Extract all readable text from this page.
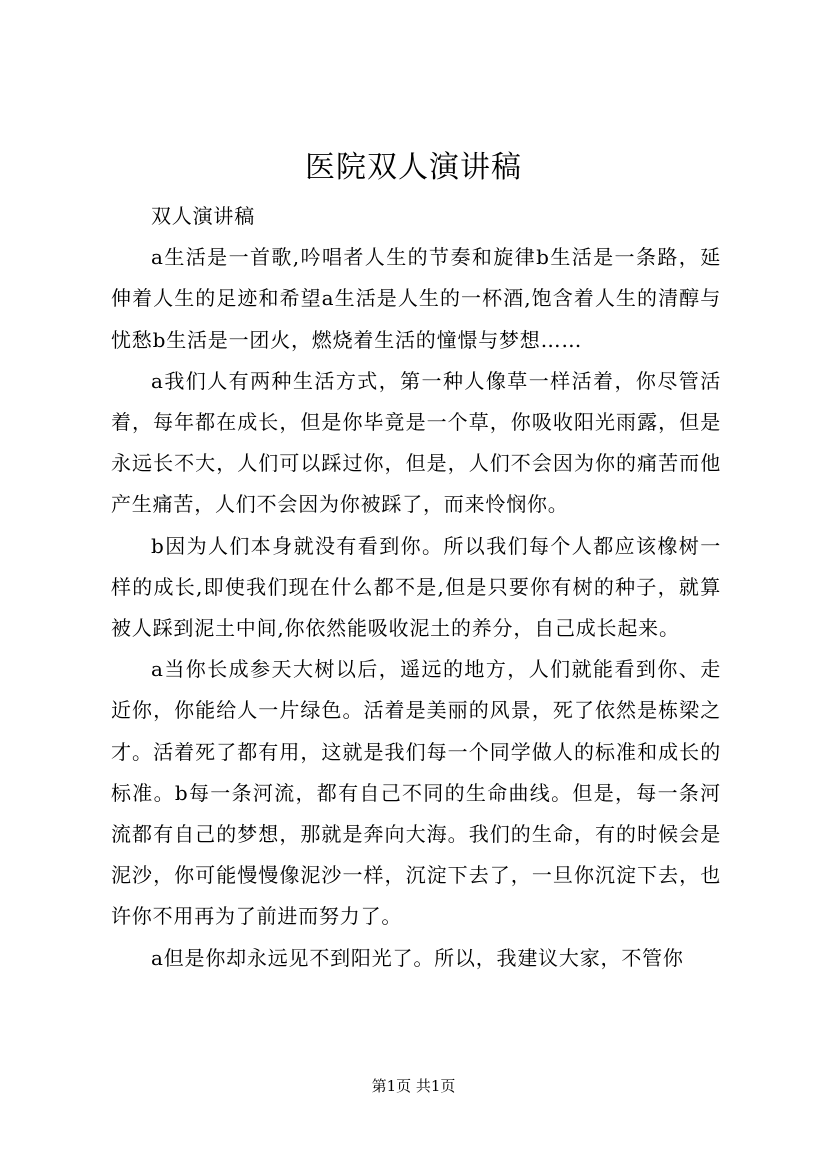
医院双人演讲稿

双人演讲稿

a生活是一首歌,吟唱者人生的节奏和旋律b生活是一条路，延伸着人生的足迹和希望a生活是人生的一杯酒,饱含着人生的清醇与忧愁b生活是一团火，燃烧着生活的憧憬与梦想……

a我们人有两种生活方式，第一种人像草一样活着，你尽管活着，每年都在成长，但是你毕竟是一个草，你吸收阳光雨露，但是永远长不大，人们可以踩过你，但是，人们不会因为你的痛苦而他产生痛苦，人们不会因为你被踩了，而来怜悯你。

b因为人们本身就没有看到你。所以我们每个人都应该橡树一样的成长,即使我们现在什么都不是,但是只要你有树的种子，就算被人踩到泥土中间,你依然能吸收泥土的养分，自己成长起来。

a当你长成参天大树以后，遥远的地方，人们就能看到你、走近你，你能给人一片绿色。活着是美丽的风景，死了依然是栋梁之才。活着死了都有用，这就是我们每一个同学做人的标准和成长的标准。b每一条河流，都有自己不同的生命曲线。但是，每一条河流都有自己的梦想，那就是奔向大海。我们的生命，有的时候会是泥沙，你可能慢慢像泥沙一样，沉淀下去了，一旦你沉淀下去，也许你不用再为了前进而努力了。

a但是你却永远见不到阳光了。所以，我建议大家，不管你

第1页 共1页
